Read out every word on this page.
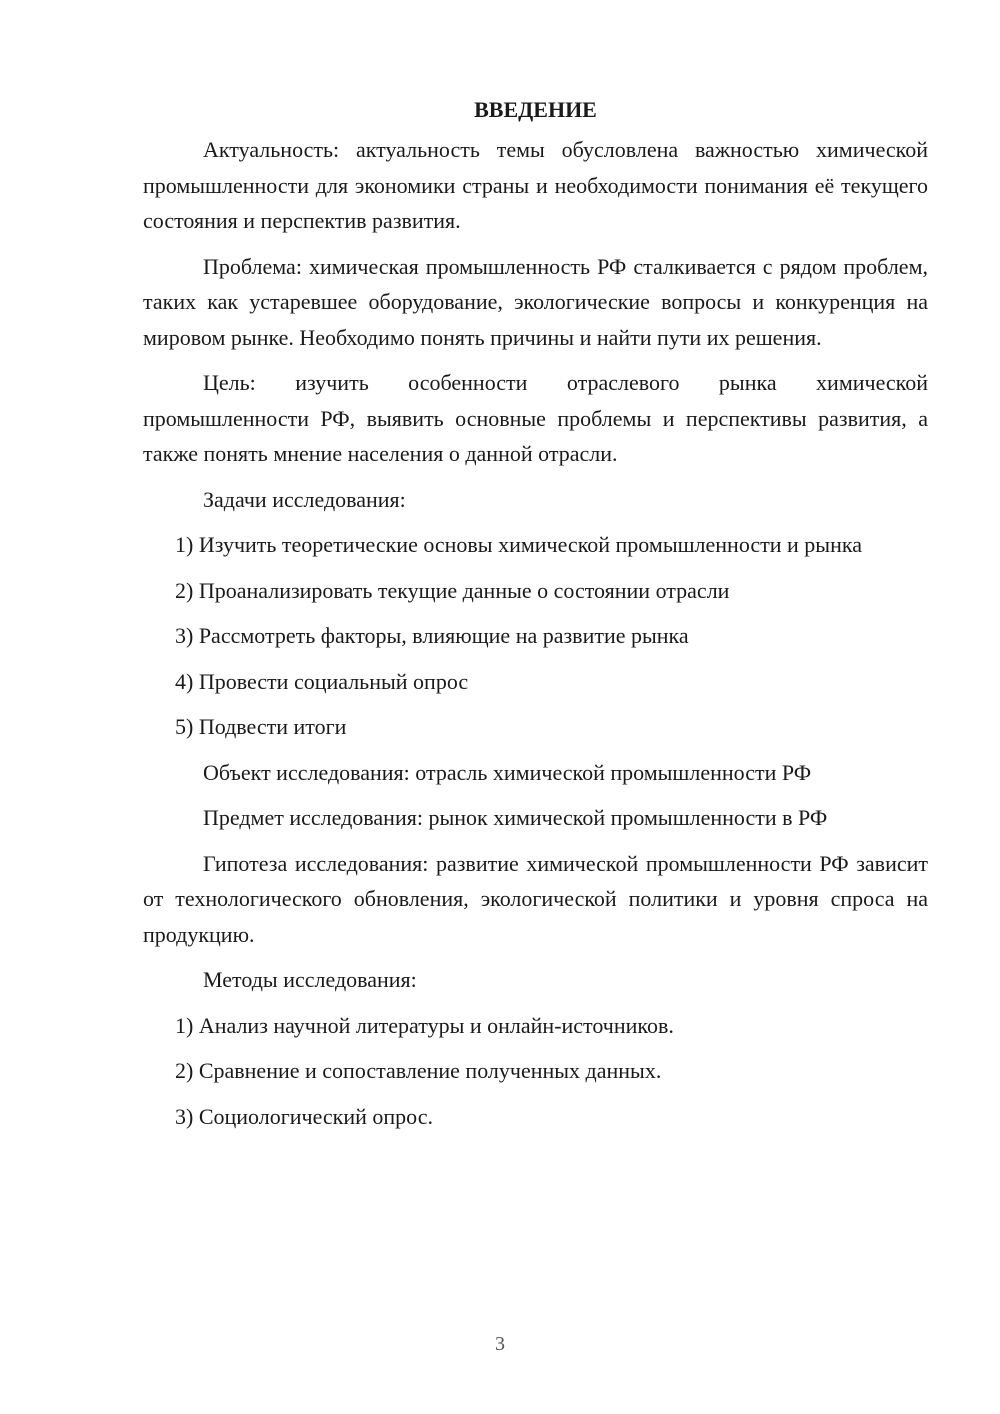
ВВЕДЕНИЕ

Актуальность: актуальность темы обусловлена важностью химической промышленности для экономики страны и необходимости понимания её текущего состояния и перспектив развития.

Проблема: химическая промышленность РФ сталкивается с рядом проблем, таких как устаревшее оборудование, экологические вопросы и конкуренция на мировом рынке. Необходимо понять причины и найти пути их решения.

Цель: изучить особенности отраслевого рынка химической промышленности РФ, выявить основные проблемы и перспективы развития, а также понять мнение населения о данной отрасли.

Задачи исследования:

1) Изучить теоретические основы химической промышленности и рынка

2) Проанализировать текущие данные о состоянии отрасли

3) Рассмотреть факторы, влияющие на развитие рынка

4) Провести социальный опрос

5) Подвести итоги

Объект исследования: отрасль химической промышленности РФ

Предмет исследования: рынок химической промышленности в РФ

Гипотеза исследования: развитие химической промышленности РФ зависит от технологического обновления, экологической политики и уровня спроса на продукцию.

Методы исследования:

1) Анализ научной литературы и онлайн-источников.

2) Сравнение и сопоставление полученных данных.

3) Социологический опрос.

3
